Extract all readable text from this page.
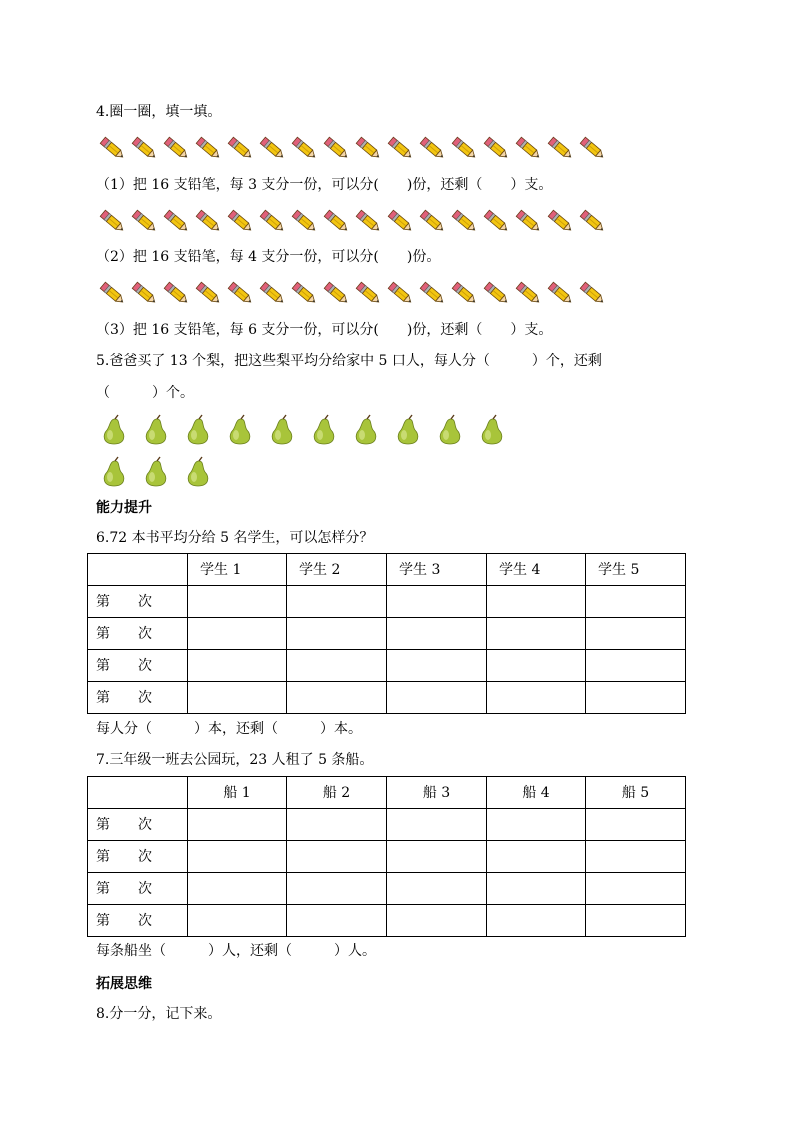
4.圈一圈，填一填。
（1）把 16 支铅笔，每 3 支分一份，可以分(　　)份，还剩（　　）支。
（2）把 16 支铅笔，每 4 支分一份，可以分(　　)份。
（3）把 16 支铅笔，每 6 支分一份，可以分(　　)份，还剩（　　）支。
5.爸爸买了 13 个梨，把这些梨平均分给家中 5 口人，每人分（　　　）个，还剩
（　　　）个。
能力提升
6.72 本书平均分给 5 名学生，可以怎样分？
	学生 1	学生 2	学生 3	学生 4	学生 5
第　　次					
第　　次					
第　　次					
第　　次					
每人分（　　　）本，还剩（　　　）本。
7.三年级一班去公园玩，23 人租了 5 条船。
	船 1	船 2	船 3	船 4	船 5
第　　次					
第　　次					
第　　次					
第　　次					
每条船坐（　　　）人，还剩（　　　）人。
拓展思维
8.分一分，记下来。
